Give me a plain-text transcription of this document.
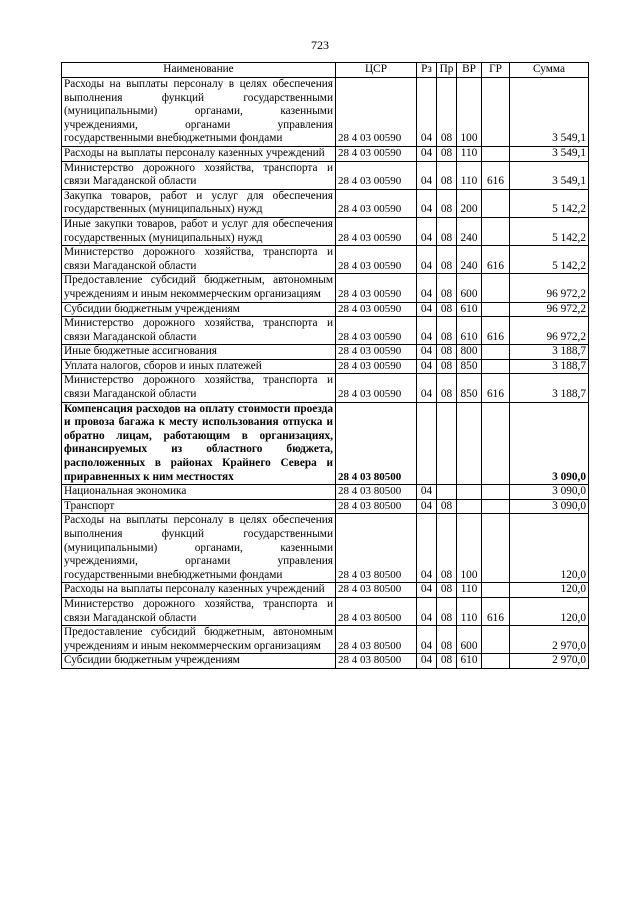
723
Наименование	ЦСР	Рз	Пр	ВР	ГР	Сумма
Расходы на выплаты персоналу в целях обеспечения выполнения функций государственными (муниципальными) органами, казенными учреждениями, органами управления государственными внебюджетными фондами	28 4 03 00590	04	08	100		3 549,1
Расходы на выплаты персоналу казенных учреждений	28 4 03 00590	04	08	110		3 549,1
Министерство дорожного хозяйства, транспорта и связи Магаданской области	28 4 03 00590	04	08	110	616	3 549,1
Закупка товаров, работ и услуг для обеспечения государственных (муниципальных) нужд	28 4 03 00590	04	08	200		5 142,2
Иные закупки товаров, работ и услуг для обеспечения государственных (муниципальных) нужд	28 4 03 00590	04	08	240		5 142,2
Министерство дорожного хозяйства, транспорта и связи Магаданской области	28 4 03 00590	04	08	240	616	5 142,2
Предоставление субсидий бюджетным, автономным учреждениям и иным некоммерческим организациям	28 4 03 00590	04	08	600		96 972,2
Субсидии бюджетным учреждениям	28 4 03 00590	04	08	610		96 972,2
Министерство дорожного хозяйства, транспорта и связи Магаданской области	28 4 03 00590	04	08	610	616	96 972,2
Иные бюджетные ассигнования	28 4 03 00590	04	08	800		3 188,7
Уплата налогов, сборов и иных платежей	28 4 03 00590	04	08	850		3 188,7
Министерство дорожного хозяйства, транспорта и связи Магаданской области	28 4 03 00590	04	08	850	616	3 188,7
Компенсация расходов на оплату стоимости проезда и провоза багажа к месту использования отпуска и обратно лицам, работающим в организациях, финансируемых из областного бюджета, расположенных в районах Крайнего Севера и приравненных к ним местностях	28 4 03 80500					3 090,0
Национальная экономика	28 4 03 80500	04				3 090,0
Транспорт	28 4 03 80500	04	08			3 090,0
Расходы на выплаты персоналу в целях обеспечения выполнения функций государственными (муниципальными) органами, казенными учреждениями, органами управления государственными внебюджетными фондами	28 4 03 80500	04	08	100		120,0
Расходы на выплаты персоналу казенных учреждений	28 4 03 80500	04	08	110		120,0
Министерство дорожного хозяйства, транспорта и связи Магаданской области	28 4 03 80500	04	08	110	616	120,0
Предоставление субсидий бюджетным, автономным учреждениям и иным некоммерческим организациям	28 4 03 80500	04	08	600		2 970,0
Субсидии бюджетным учреждениям	28 4 03 80500	04	08	610		2 970,0
